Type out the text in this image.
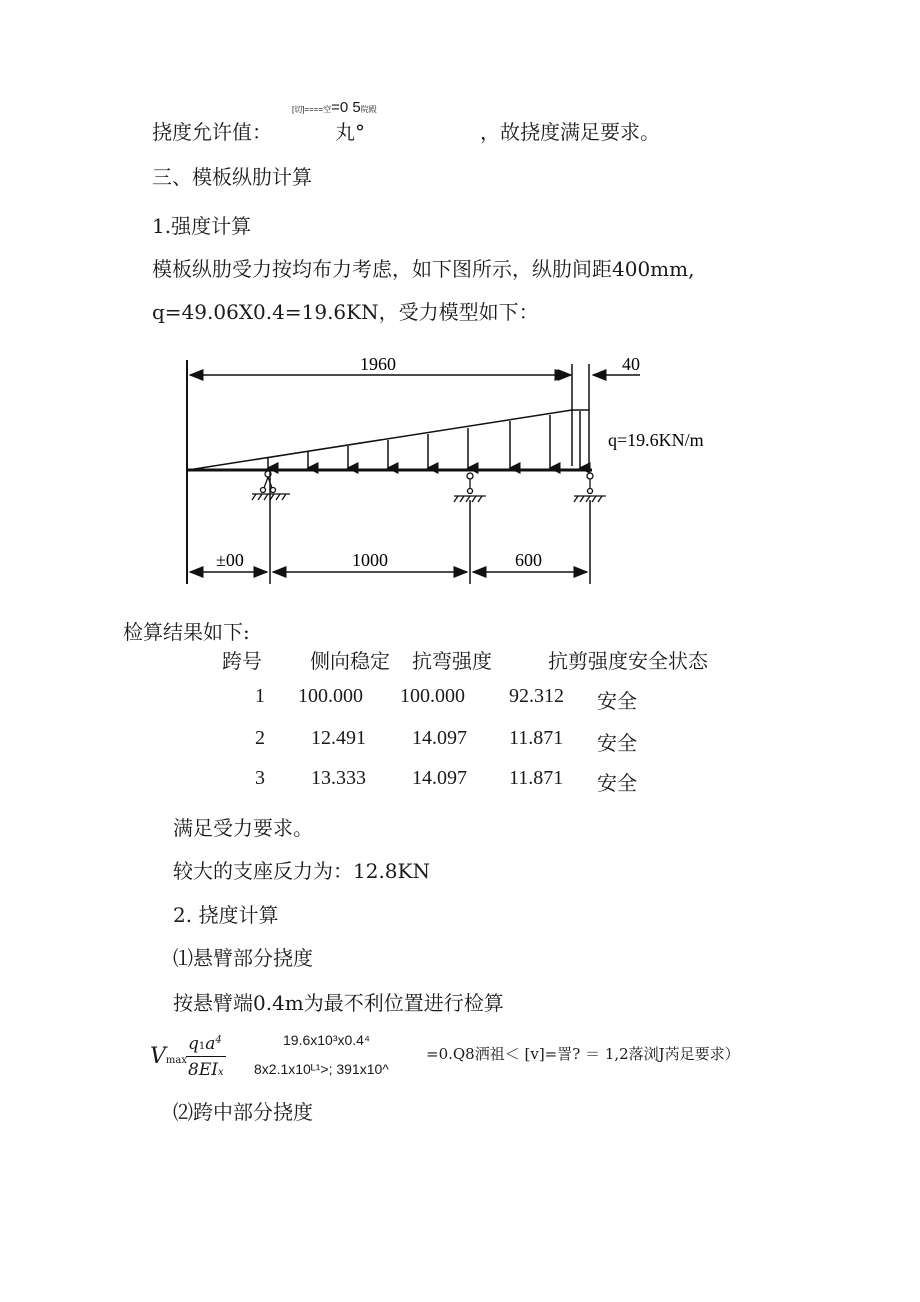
[切]====空=0 5院殿
挠度允许值：	丸°	，故挠度满足要求。
三、模板纵肋计算
1.强度计算
模板纵肋受力按均布力考虑，如下图所示，纵肋间距400mm,
q=49.06X0.4=19.6KN，受力模型如下：
1960	40
q=19.6KN/m
±00	1000	600
检算结果如下:
跨号 侧向稳定 抗弯强度	抗剪强度安全状态
1 100.000 100.000 92.312 安全
2 12.491 14.097 11.871 安全
3 13.333 14.097 11.871 安全
满足受力要求。
较大的支座反力为：12.8KN
2. 挠度计算
⑴悬臂部分挠度
按悬臂端0.4m为最不利位置进行检算
Vmax
$q1a^4$
8EIx
19.6x10³x0.4⁴
8x2.1x10ᴸ¹>; 391x10^
=0.Q8洒祖＜ [v]=詈? ＝ 1,2落浏J芮足要求）
⑵跨中部分挠度
